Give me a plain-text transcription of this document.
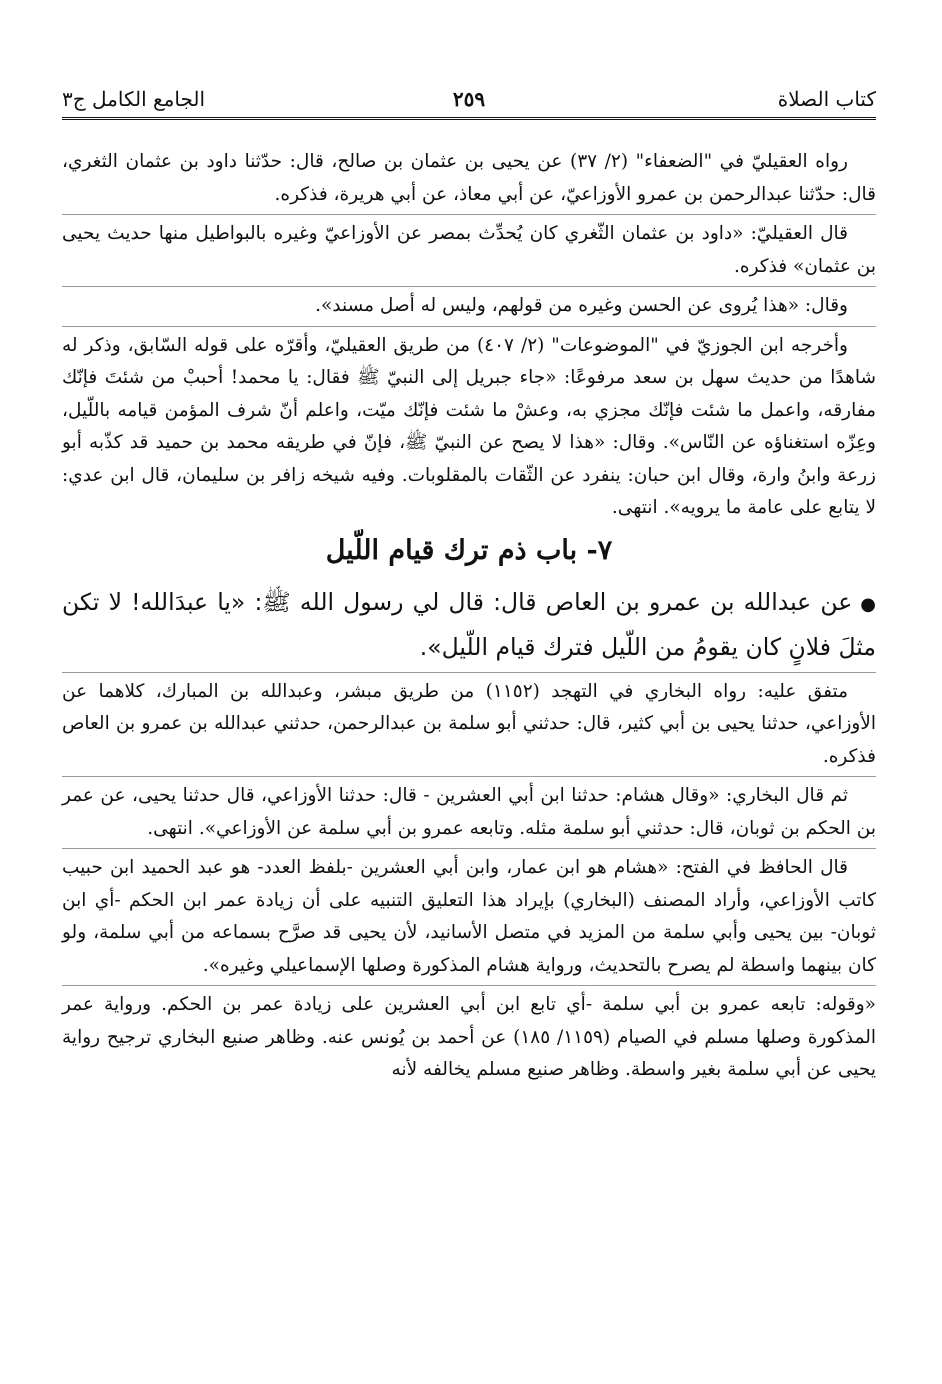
كتاب الصلاة
٢٥٩
الجامع الكامل ج٣

رواه العقيليّ في "الضعفاء" (٢/ ٣٧) عن يحيى بن عثمان بن صالح، قال: حدّثنا داود بن عثمان الثغري، قال: حدّثنا عبدالرحمن بن عمرو الأوزاعيّ، عن أبي معاذ، عن أبي هريرة، فذكره.

قال العقيليّ: «داود بن عثمان الثّغري كان يُحدِّث بمصر عن الأوزاعيّ وغيره بالبواطيل منها حديث يحيى بن عثمان» فذكره.

وقال: «هذا يُروى عن الحسن وغيره من قولهم، وليس له أصل مسند».

وأخرجه ابن الجوزيّ في "الموضوعات" (٢/ ٤٠٧) من طريق العقيليّ، وأقرّه على قوله السّابق، وذكر له شاهدًا من حديث سهل بن سعد مرفوعًا: «جاء جبريل إلى النبيّ ﷺ فقال: يا محمد! أحببْ من شئتَ فإنّك مفارقه، واعمل ما شئت فإنّك مجزي به، وعشْ ما شئت فإنّك ميّت، واعلم أنّ شرف المؤمن قيامه باللّيل، وعِزّه استغناؤه عن النّاس». وقال: «هذا لا يصح عن النبيّ ﷺ، فإنّ في طريقه محمد بن حميد قد كذّبه أبو زرعة وابنُ وارة، وقال ابن حبان: ينفرد عن الثّقات بالمقلوبات. وفيه شيخه زافر بن سليمان، قال ابن عدي: لا يتابع على عامة ما يرويه». انتهى.

٧- باب ذم ترك قيام اللّيل

●عن عبدالله بن عمرو بن العاص قال: قال لي رسول الله ﷺ: «يا عبدَالله! لا تكن مثلَ فلانٍ كان يقومُ من اللّيل فترك قيام اللّيل».

متفق عليه: رواه البخاري في التهجد (١١٥٢) من طريق مبشر، وعبدالله بن المبارك، كلاهما عن الأوزاعي، حدثنا يحيى بن أبي كثير، قال: حدثني أبو سلمة بن عبدالرحمن، حدثني عبدالله بن عمرو بن العاص فذكره.

ثم قال البخاري: «وقال هشام: حدثنا ابن أبي العشرين - قال: حدثنا الأوزاعي، قال حدثنا يحيى، عن عمر بن الحكم بن ثوبان، قال: حدثني أبو سلمة مثله. وتابعه عمرو بن أبي سلمة عن الأوزاعي». انتهى.

قال الحافظ في الفتح: «هشام هو ابن عمار، وابن أبي العشرين -بلفظ العدد- هو عبد الحميد ابن حبيب كاتب الأوزاعي، وأراد المصنف (البخاري) بإيراد هذا التعليق التنبيه على أن زيادة عمر ابن الحكم -أي ابن ثوبان- بين يحيى وأبي سلمة من المزيد في متصل الأسانيد، لأن يحيى قد صرَّح بسماعه من أبي سلمة، ولو كان بينهما واسطة لم يصرح بالتحديث، ورواية هشام المذكورة وصلها الإسماعيلي وغيره».

«وقوله: تابعه عمرو بن أبي سلمة -أي تابع ابن أبي العشرين على زيادة عمر بن الحكم. ورواية عمر المذكورة وصلها مسلم في الصيام (١١٥٩/ ١٨٥) عن أحمد بن يُونس عنه. وظاهر صنيع البخاري ترجيح رواية يحيى عن أبي سلمة بغير واسطة. وظاهر صنيع مسلم يخالفه لأنه
